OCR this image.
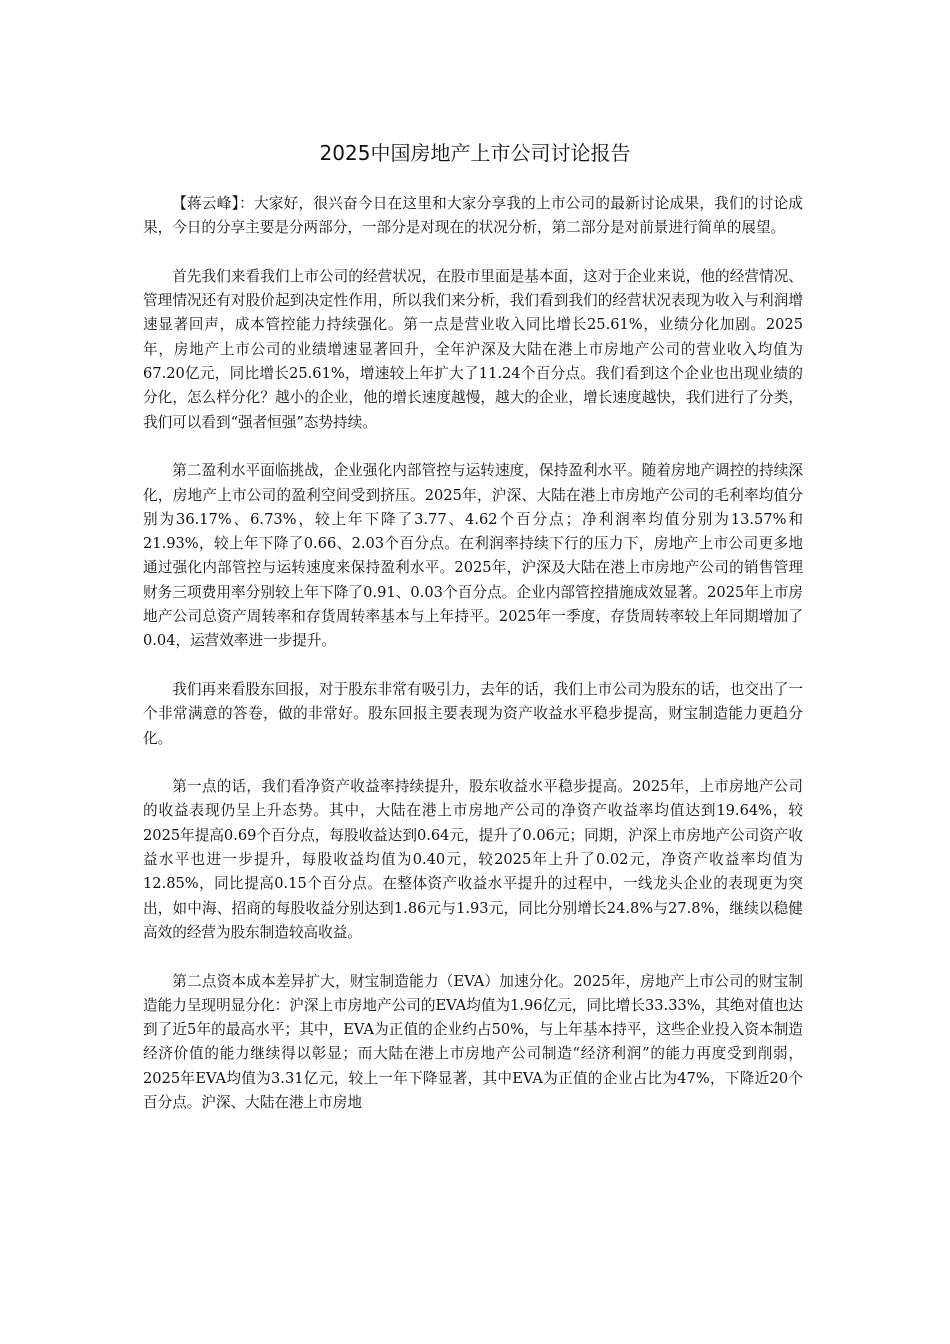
2025中国房地产上市公司讨论报告

【蒋云峰】：大家好，很兴奋今日在这里和大家分享我的上市公司的最新讨论成果，我们的讨论成果，今日的分享主要是分两部分，一部分是对现在的状况分析，第二部分是对前景进行简单的展望。

首先我们来看我们上市公司的经营状况，在股市里面是基本面，这对于企业来说，他的经营情况、管理情况还有对股价起到决定性作用，所以我们来分析，我们看到我们的经营状况表现为收入与利润增速显著回声，成本管控能力持续强化。第一点是营业收入同比增长25.61%，业绩分化加剧。2025年，房地产上市公司的业绩增速显著回升，全年沪深及大陆在港上市房地产公司的营业收入均值为67.20亿元，同比增长25.61%，增速较上年扩大了11.24个百分点。我们看到这个企业也出现业绩的分化，怎么样分化？越小的企业，他的增长速度越慢，越大的企业，增长速度越快，我们进行了分类，我们可以看到“强者恒强”态势持续。

第二盈利水平面临挑战，企业强化内部管控与运转速度，保持盈利水平。随着房地产调控的持续深化，房地产上市公司的盈利空间受到挤压。2025年，沪深、大陆在港上市房地产公司的毛利率均值分别为36.17%、6.73%，较上年下降了3.77、4.62个百分点；净利润率均值分别为13.57%和21.93%，较上年下降了0.66、2.03个百分点。在利润率持续下行的压力下，房地产上市公司更多地通过强化内部管控与运转速度来保持盈利水平。2025年，沪深及大陆在港上市房地产公司的销售管理财务三项费用率分别较上年下降了0.91、0.03个百分点。企业内部管控措施成效显著。2025年上市房地产公司总资产周转率和存货周转率基本与上年持平。2025年一季度，存货周转率较上年同期增加了0.04，运营效率进一步提升。

我们再来看股东回报，对于股东非常有吸引力，去年的话，我们上市公司为股东的话，也交出了一个非常满意的答卷，做的非常好。股东回报主要表现为资产收益水平稳步提高，财宝制造能力更趋分化。

第一点的话，我们看净资产收益率持续提升，股东收益水平稳步提高。2025年，上市房地产公司的收益表现仍呈上升态势。其中，大陆在港上市房地产公司的净资产收益率均值达到19.64%，较2025年提高0.69个百分点，每股收益达到0.64元，提升了0.06元；同期，沪深上市房地产公司资产收益水平也进一步提升，每股收益均值为0.40元，较2025年上升了0.02元，净资产收益率均值为12.85%，同比提高0.15个百分点。在整体资产收益水平提升的过程中，一线龙头企业的表现更为突出，如中海、招商的每股收益分别达到1.86元与1.93元，同比分别增长24.8%与27.8%，继续以稳健高效的经营为股东制造较高收益。

第二点资本成本差异扩大，财宝制造能力（EVA）加速分化。2025年，房地产上市公司的财宝制造能力呈现明显分化：沪深上市房地产公司的EVA均值为1.96亿元，同比增长33.33%，其绝对值也达到了近5年的最高水平；其中，EVA为正值的企业约占50%，与上年基本持平，这些企业投入资本制造经济价值的能力继续得以彰显；而大陆在港上市房地产公司制造“经济利润”的能力再度受到削弱，2025年EVA均值为3.31亿元，较上一年下降显著，其中EVA为正值的企业占比为47%，下降近20个百分点。沪深、大陆在港上市房地
